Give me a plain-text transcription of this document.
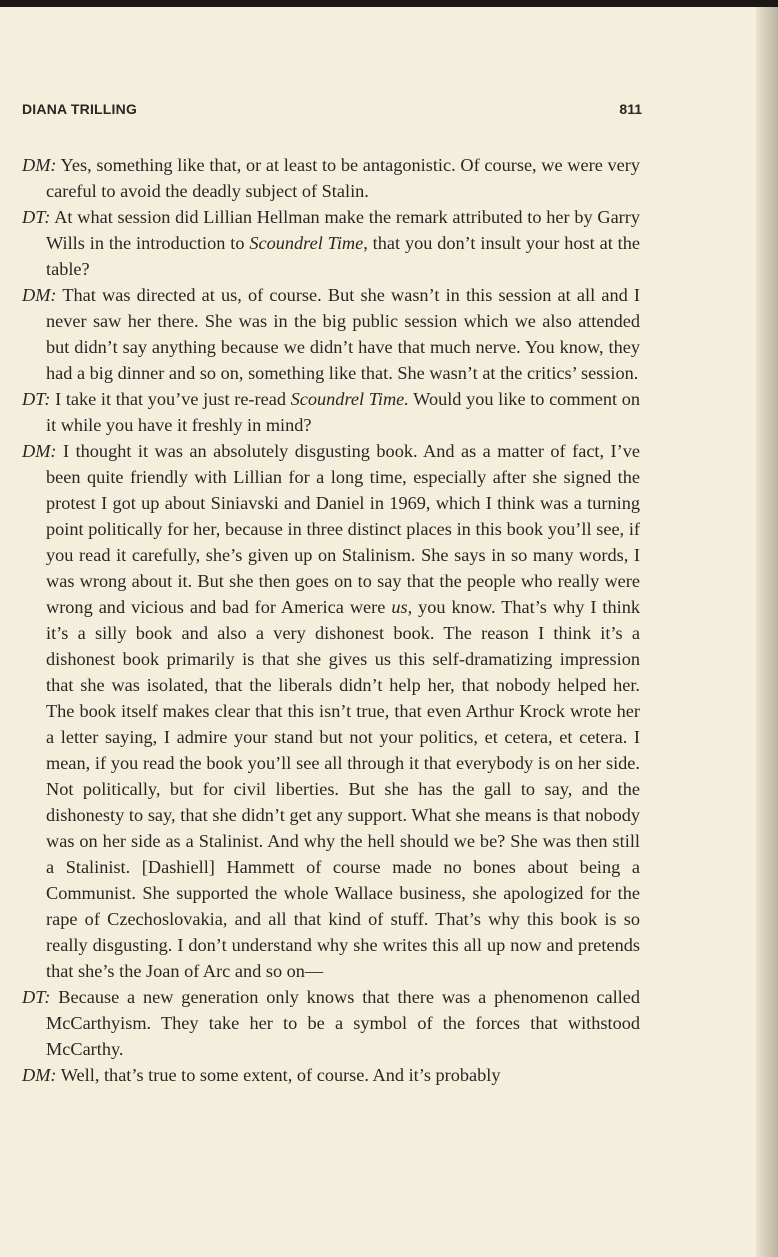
DIANA TRILLING	811

DM: Yes, something like that, or at least to be antagonistic. Of course, we were very careful to avoid the deadly subject of Stalin.

DT: At what session did Lillian Hellman make the remark attributed to her by Garry Wills in the introduction to Scoundrel Time, that you don’t insult your host at the table?

DM: That was directed at us, of course. But she wasn’t in this session at all and I never saw her there. She was in the big public session which we also attended but didn’t say anything because we didn’t have that much nerve. You know, they had a big dinner and so on, something like that. She wasn’t at the critics’ session.

DT: I take it that you’ve just re-read Scoundrel Time. Would you like to comment on it while you have it freshly in mind?

DM: I thought it was an absolutely disgusting book. And as a matter of fact, I’ve been quite friendly with Lillian for a long time, especially after she signed the protest I got up about Siniavski and Daniel in 1969, which I think was a turning point politically for her, because in three distinct places in this book you’ll see, if you read it carefully, she’s given up on Stalinism. She says in so many words, I was wrong about it. But she then goes on to say that the people who really were wrong and vicious and bad for America were us, you know. That’s why I think it’s a silly book and also a very dishonest book. The reason I think it’s a dishonest book primarily is that she gives us this self-dramatizing impression that she was isolated, that the liberals didn’t help her, that nobody helped her. The book itself makes clear that this isn’t true, that even Arthur Krock wrote her a letter saying, I admire your stand but not your politics, et cetera, et cetera. I mean, if you read the book you’ll see all through it that everybody is on her side. Not politically, but for civil liberties. But she has the gall to say, and the dishonesty to say, that she didn’t get any support. What she means is that nobody was on her side as a Stalinist. And why the hell should we be? She was then still a Stalinist. [Dashiell] Hammett of course made no bones about being a Communist. She supported the whole Wallace business, she apologized for the rape of Czechoslovakia, and all that kind of stuff. That’s why this book is so really disgusting. I don’t understand why she writes this all up now and pretends that she’s the Joan of Arc and so on—

DT: Because a new generation only knows that there was a phenomenon called McCarthyism. They take her to be a symbol of the forces that withstood McCarthy.

DM: Well, that’s true to some extent, of course. And it’s probably
